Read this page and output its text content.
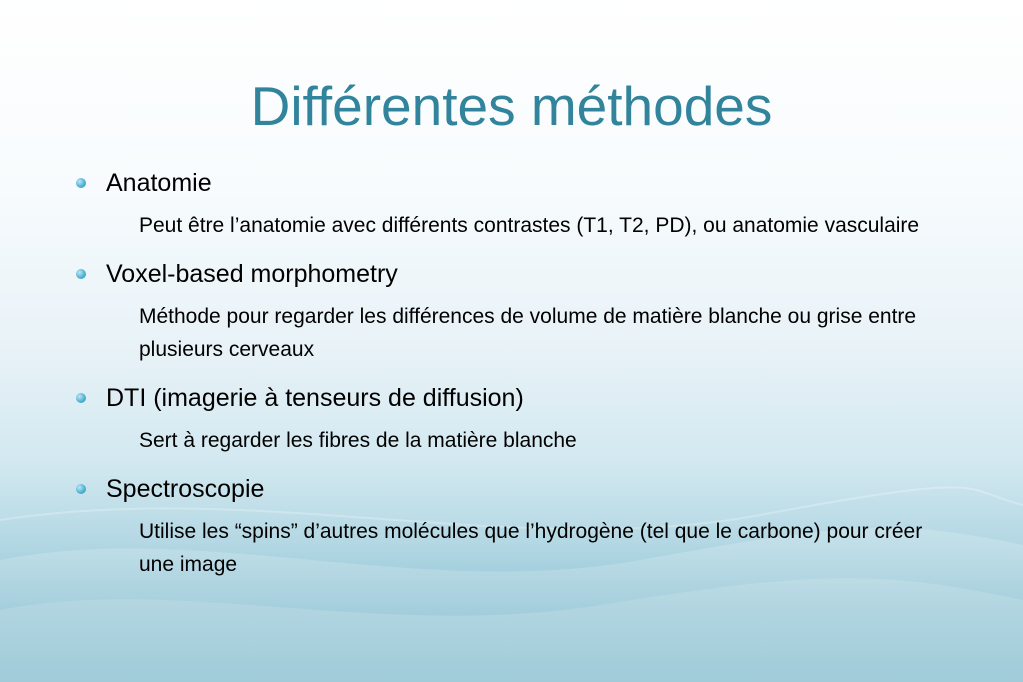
Différentes méthodes
Anatomie
Peut être l’anatomie avec différents contrastes (T1, T2, PD), ou anatomie vasculaire
Voxel-based morphometry
Méthode pour regarder les différences de volume de matière blanche ou grise entre plusieurs cerveaux
DTI (imagerie à tenseurs de diffusion)
Sert à regarder les fibres de la matière blanche
Spectroscopie
Utilise les “spins” d’autres molécules que l’hydrogène (tel que le carbone) pour créer une image
